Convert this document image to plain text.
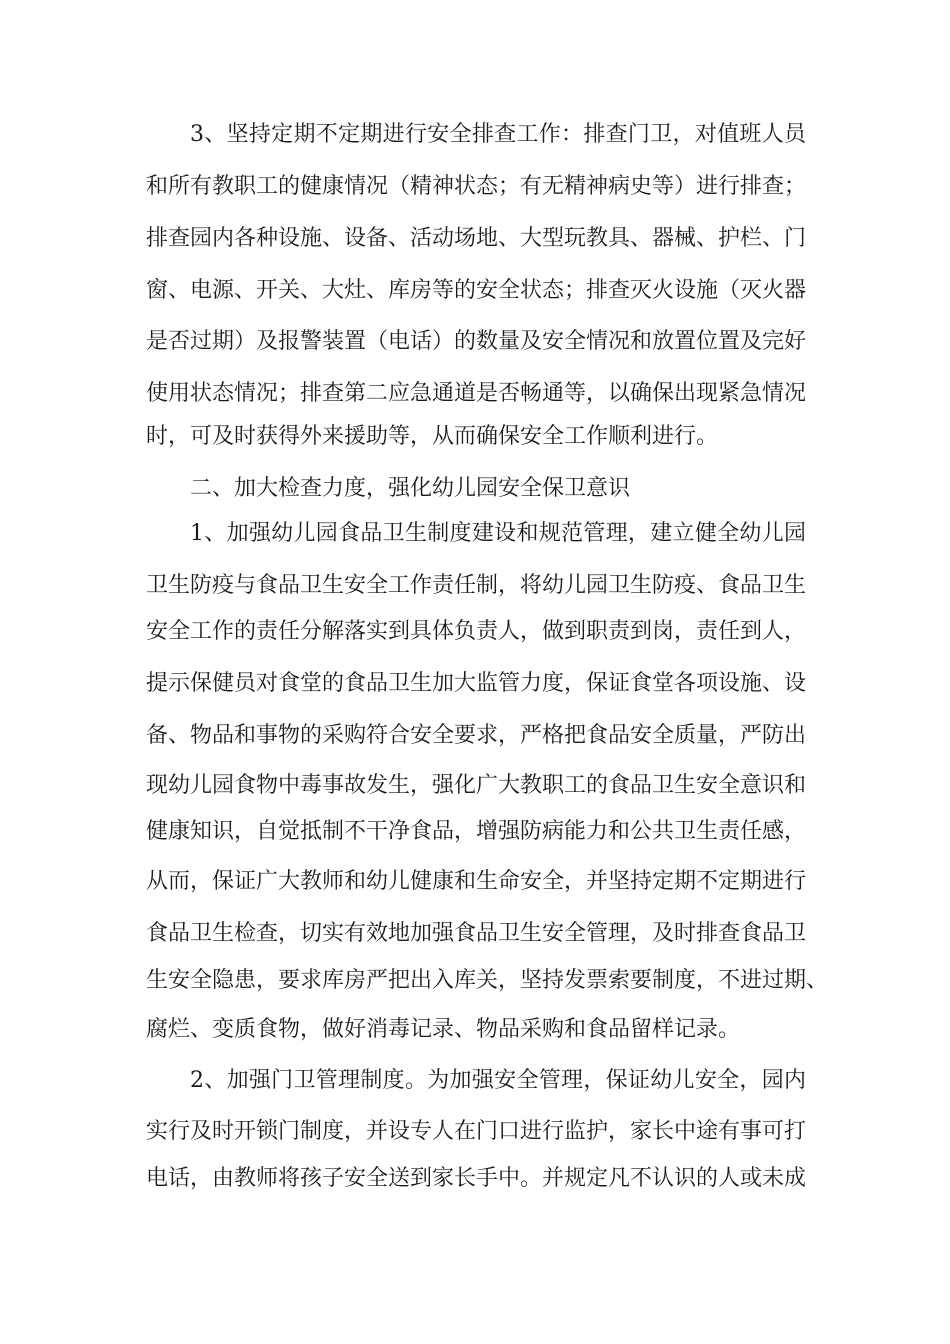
3、坚持定期不定期进行安全排查工作：排查门卫，对值班人员
和所有教职工的健康情况（精神状态；有无精神病史等）进行排查；
排查园内各种设施、设备、活动场地、大型玩教具、器械、护栏、门
窗、电源、开关、大灶、库房等的安全状态；排查灭火设施（灭火器
是否过期）及报警装置（电话）的数量及安全情况和放置位置及完好
使用状态情况；排查第二应急通道是否畅通等，以确保出现紧急情况
时，可及时获得外来援助等，从而确保安全工作顺利进行。
二、加大检查力度，强化幼儿园安全保卫意识
1、加强幼儿园食品卫生制度建设和规范管理，建立健全幼儿园
卫生防疫与食品卫生安全工作责任制，将幼儿园卫生防疫、食品卫生
安全工作的责任分解落实到具体负责人，做到职责到岗，责任到人，
提示保健员对食堂的食品卫生加大监管力度，保证食堂各项设施、设
备、物品和事物的采购符合安全要求，严格把食品安全质量，严防出
现幼儿园食物中毒事故发生，强化广大教职工的食品卫生安全意识和
健康知识，自觉抵制不干净食品，增强防病能力和公共卫生责任感，
从而，保证广大教师和幼儿健康和生命安全，并坚持定期不定期进行
食品卫生检查，切实有效地加强食品卫生安全管理，及时排查食品卫
生安全隐患，要求库房严把出入库关，坚持发票索要制度，不进过期、
腐烂、变质食物，做好消毒记录、物品采购和食品留样记录。
2、加强门卫管理制度。为加强安全管理，保证幼儿安全，园内
实行及时开锁门制度，并设专人在门口进行监护，家长中途有事可打
电话，由教师将孩子安全送到家长手中。并规定凡不认识的人或未成
